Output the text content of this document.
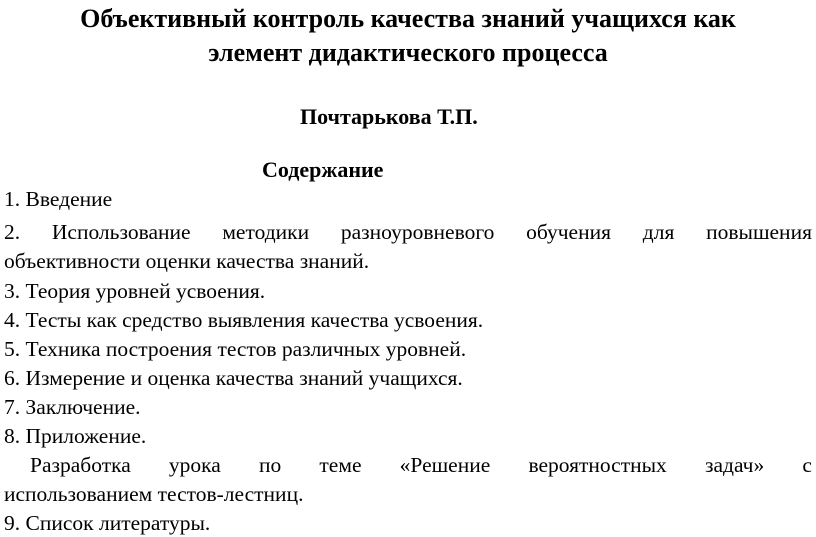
Объективный контроль качества знаний учащихся как
элемент дидактического процесса
Почтарькова Т.П.
Содержание
1. Введение
2. Использование методики разноуровневого обучения для повышения
объективности оценки качества знаний.
3. Теория уровней усвоения.
4. Тесты как средство выявления качества усвоения.
5. Техника построения тестов различных уровней.
6. Измерение и оценка качества знаний учащихся.
7. Заключение.
8. Приложение.
Разработка урока по теме «Решение вероятностных задач» с
использованием тестов-лестниц.
9. Список литературы.
